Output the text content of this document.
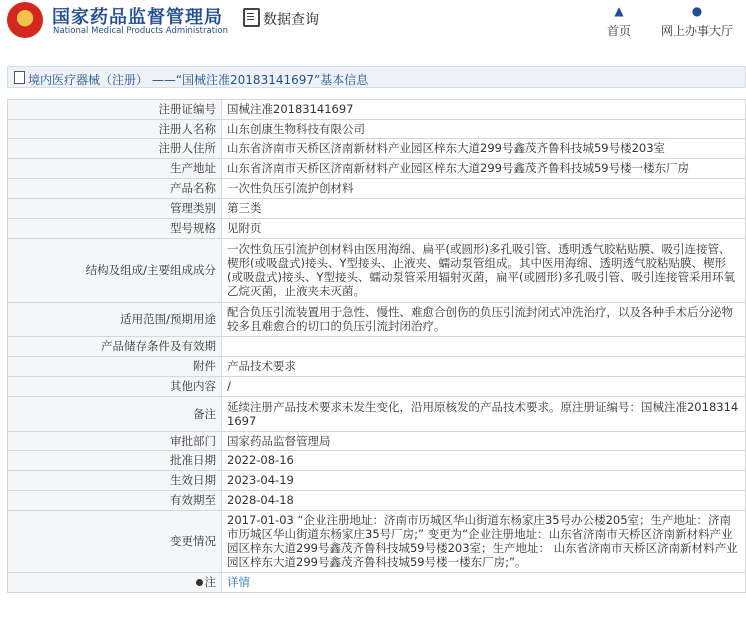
国家药品监督管理局
National Medical Products Administration
数据查询
▲
首页
●
网上办事大厅
境内医疗器械（注册） ——“国械注准20183141697”基本信息
注册证编号	国械注准20183141697
注册人名称	山东创康生物科技有限公司
注册人住所	山东省济南市天桥区济南新材料产业园区梓东大道299号鑫茂齐鲁科技城59号楼203室
生产地址	山东省济南市天桥区济南新材料产业园区梓东大道299号鑫茂齐鲁科技城59号楼一楼东厂房
产品名称	一次性负压引流护创材料
管理类别	第三类
型号规格	见附页
结构及组成/主要组成成分	一次性负压引流护创材料由医用海绵、扁平(或圆形)多孔吸引管、透明透气胶粘贴膜、吸引连接管、楔形(或吸盘式)接头、Y型接头、止液夹、蠕动泵管组成。其中医用海绵、透明透气胶粘贴膜、楔形(或吸盘式)接头、Y型接头、蠕动泵管采用辐射灭菌，扁平(或圆形)多孔吸引管、吸引连接管采用环氧乙烷灭菌，止液夹未灭菌。
适用范围/预期用途	配合负压引流装置用于急性、慢性、难愈合创伤的负压引流封闭式冲洗治疗，以及各种手术后分泌物较多且难愈合的切口的负压引流封闭治疗。
产品储存条件及有效期	
附件	产品技术要求
其他内容	/
备注	延续注册产品技术要求未发生变化，沿用原核发的产品技术要求。原注册证编号：国械注准20183141697
审批部门	国家药品监督管理局
批准日期	2022-08-16
生效日期	2023-04-19
有效期至	2028-04-18
变更情况	2017-01-03 “企业注册地址：济南市历城区华山街道东杨家庄35号办公楼205室；生产地址：济南市历城区华山街道东杨家庄35号厂房;” 变更为“企业注册地址：山东省济南市天桥区济南新材料产业园区梓东大道299号鑫茂齐鲁科技城59号楼203室；生产地址： 山东省济南市天桥区济南新材料产业园区梓东大道299号鑫茂齐鲁科技城59号楼一楼东厂房;”。
注	详情
